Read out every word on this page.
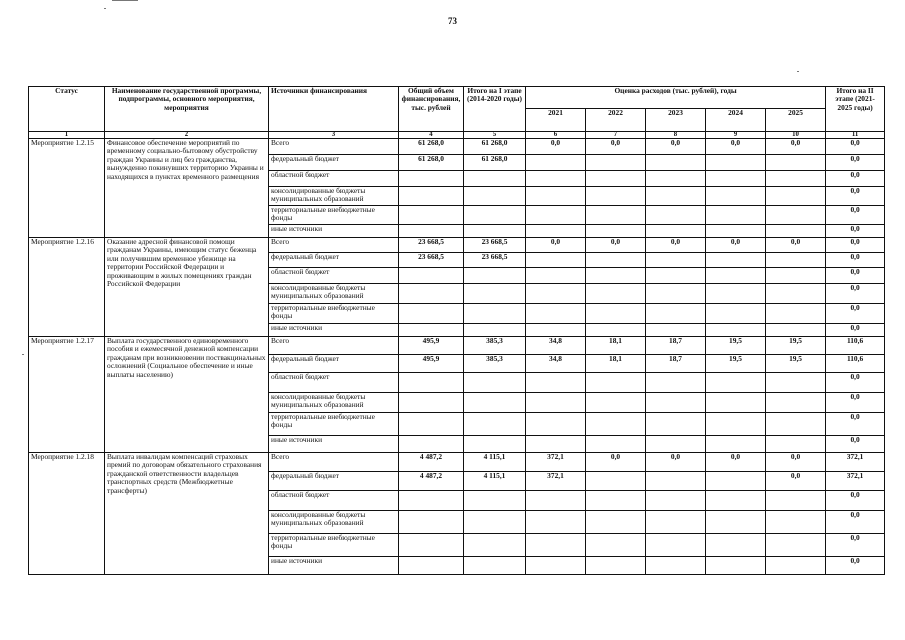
73
Статус	Наименование государственной программы, подпрограммы, основного мероприятия, мероприятия	Источники финансирования	Общий объем финансирования, тыс. рублей	Итого на I этапе (2014-2020 годы)	Оценка расходов (тыс. рублей), годы					Итого на II этапе (2021-2025 годы)
					2021	2022	2023	2024	2025	
1	2	3	4	5	6	7	8	9	10	11
Мероприятие 1.2.15	Финансовое обеспечение мероприятий по временному социально-бытовому обустройству граждан Украины и лиц без гражданства, вынужденно покинувших территорию Украины и находящихся в пунктах временного размещения	Всего	61 268,0	61 268,0	0,0	0,0	0,0	0,0	0,0	0,0
		федеральный бюджет	61 268,0	61 268,0						0,0
		областной бюджет								0,0
		консолидированные бюджеты муниципальных образований								0,0
		территориальные внебюджетные фонды								0,0
		иные источники								0,0
Мероприятие 1.2.16	Оказание адресной финансовой помощи гражданам Украины, имеющим статус беженца или получившим временное убежище на территории Российской Федерации и проживающим в жилых помещениях граждан Российской Федерации	Всего	23 668,5	23 668,5	0,0	0,0	0,0	0,0	0,0	0,0
		федеральный бюджет	23 668,5	23 668,5						0,0
		областной бюджет								0,0
		консолидированные бюджеты муниципальных образований								0,0
		территориальные внебюджетные фонды								0,0
		иные источники								0,0
Мероприятие 1.2.17	Выплата государственного единовременного пособия и ежемесячной денежной компенсации гражданам при возникновении поствакцинальных осложнений (Социальное обеспечение и иные выплаты населению)	Всего	495,9	385,3	34,8	18,1	18,7	19,5	19,5	110,6
		федеральный бюджет	495,9	385,3	34,8	18,1	18,7	19,5	19,5	110,6
		областной бюджет								0,0
		консолидированные бюджеты муниципальных образований								0,0
		территориальные внебюджетные фонды								0,0
		иные источники								0,0
Мероприятие 1.2.18	Выплата инвалидам компенсаций страховых премий по договорам обязательного страхования гражданской ответственности владельцев транспортных средств (Межбюджетные трансферты)	Всего	4 487,2	4 115,1	372,1	0,0	0,0	0,0	0,0	372,1
		федеральный бюджет	4 487,2	4 115,1	372,1				0,0	372,1
		областной бюджет								0,0
		консолидированные бюджеты муниципальных образований								0,0
		территориальные внебюджетные фонды								0,0
		иные источники								0,0
